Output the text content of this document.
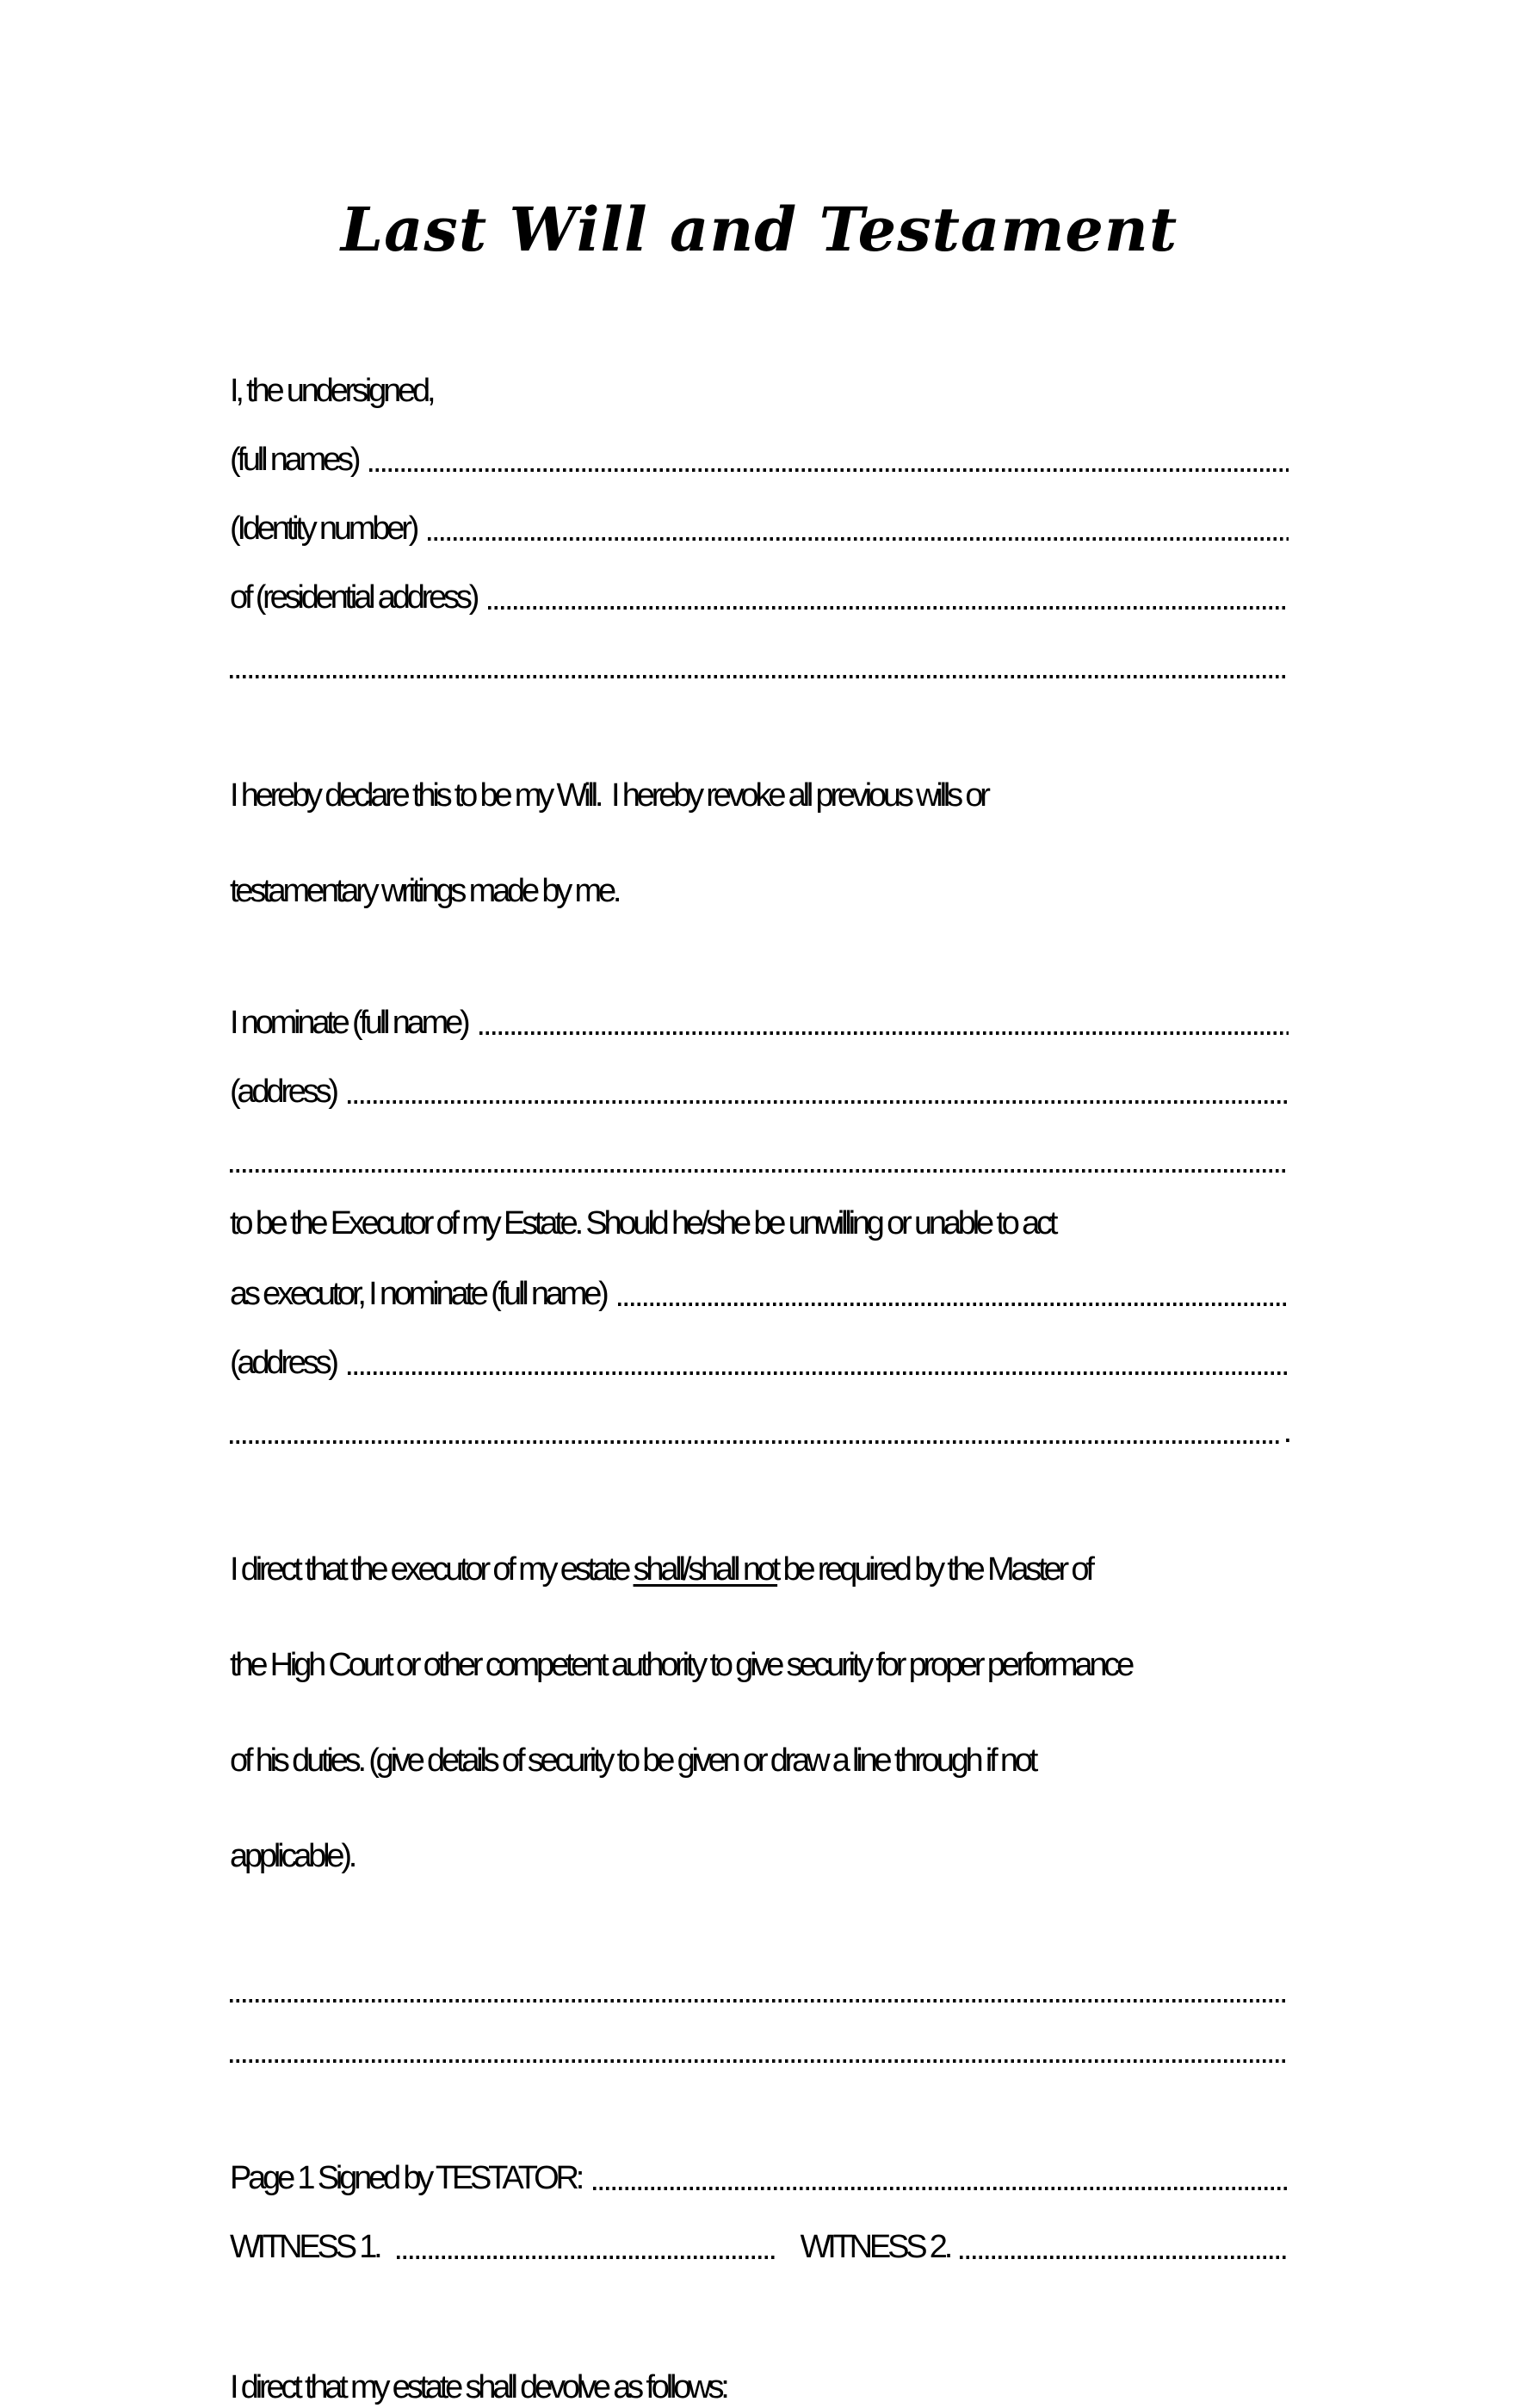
Last Will and Testament
I, the undersigned,
(full names)
(Identity number)
of (residential address)

I hereby declare this to be my Will.  I hereby revoke all previous wills or

testamentary writings made by me.

I nominate (full name)
(address)
to be the Executor of my Estate. Should he/she be unwilling or unable to act
as executor, I nominate (full name)
(address)
.

I direct that the executor of my estate shall/shall not be required by the Master of

the High Court or other competent authority to give security for proper performance

of his duties. (give details of security to be given or draw a line through if not

applicable).

Page 1 Signed by TESTATOR:
WITNESS 1.	WITNESS 2.
I direct that my estate shall devolve as follows:
